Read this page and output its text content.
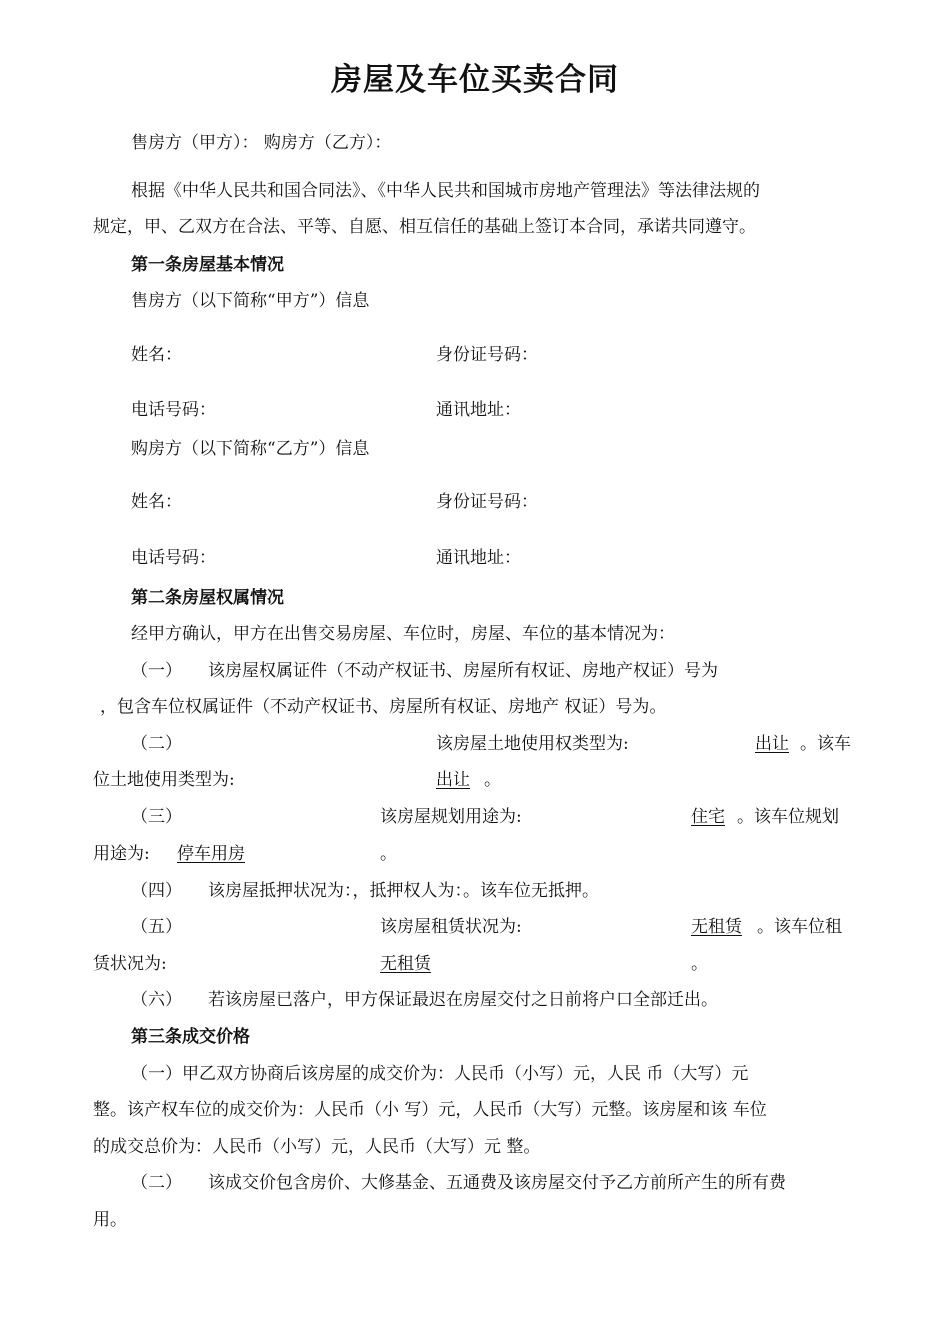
房屋及车位买卖合同
售房方（甲方）： 购房方（乙方）：
根据《中华人民共和国合同法》、《中华人民共和国城市房地产管理法》等法律法规的
规定，甲、乙双方在合法、平等、自愿、相互信任的基础上签订本合同，承诺共同遵守。
第一条房屋基本情况
售房方（以下简称“甲方”）信息
姓名：	身份证号码：
电话号码：	通讯地址：
购房方（以下简称“乙方”）信息
姓名：	身份证号码：
电话号码：	通讯地址：
第二条房屋权属情况
经甲方确认，甲方在出售交易房屋、车位时，房屋、车位的基本情况为：
（一） 该房屋权属证件（不动产权证书、房屋所有权证、房地产权证）号为
，包含车位权属证件（不动产权证书、房屋所有权证、房地产 权证）号为。
（二）	该房屋土地使用权类型为:	出让 。该车
位土地使用类型为:	出让 。
（三）	该房屋规划用途为:	住宅 。该车位规划
用途为: 停车用房	。
（四） 该房屋抵押状况为：，抵押权人为：。该车位无抵押。
（五）	该房屋租赁状况为:	无租赁 。该车位租
赁状况为:	无租赁	。
（六） 若该房屋已落户，甲方保证最迟在房屋交付之日前将户口全部迁出。
第三条成交价格
（一）甲乙双方协商后该房屋的成交价为：人民币（小写）元，人民 币（大写）元
整。该产权车位的成交价为：人民币（小 写）元，人民币（大写）元整。该房屋和该 车位
的成交总价为：人民币（小写）元，人民币（大写）元 整。
（二） 该成交价包含房价、大修基金、五通费及该房屋交付予乙方前所产生的所有费
用。
